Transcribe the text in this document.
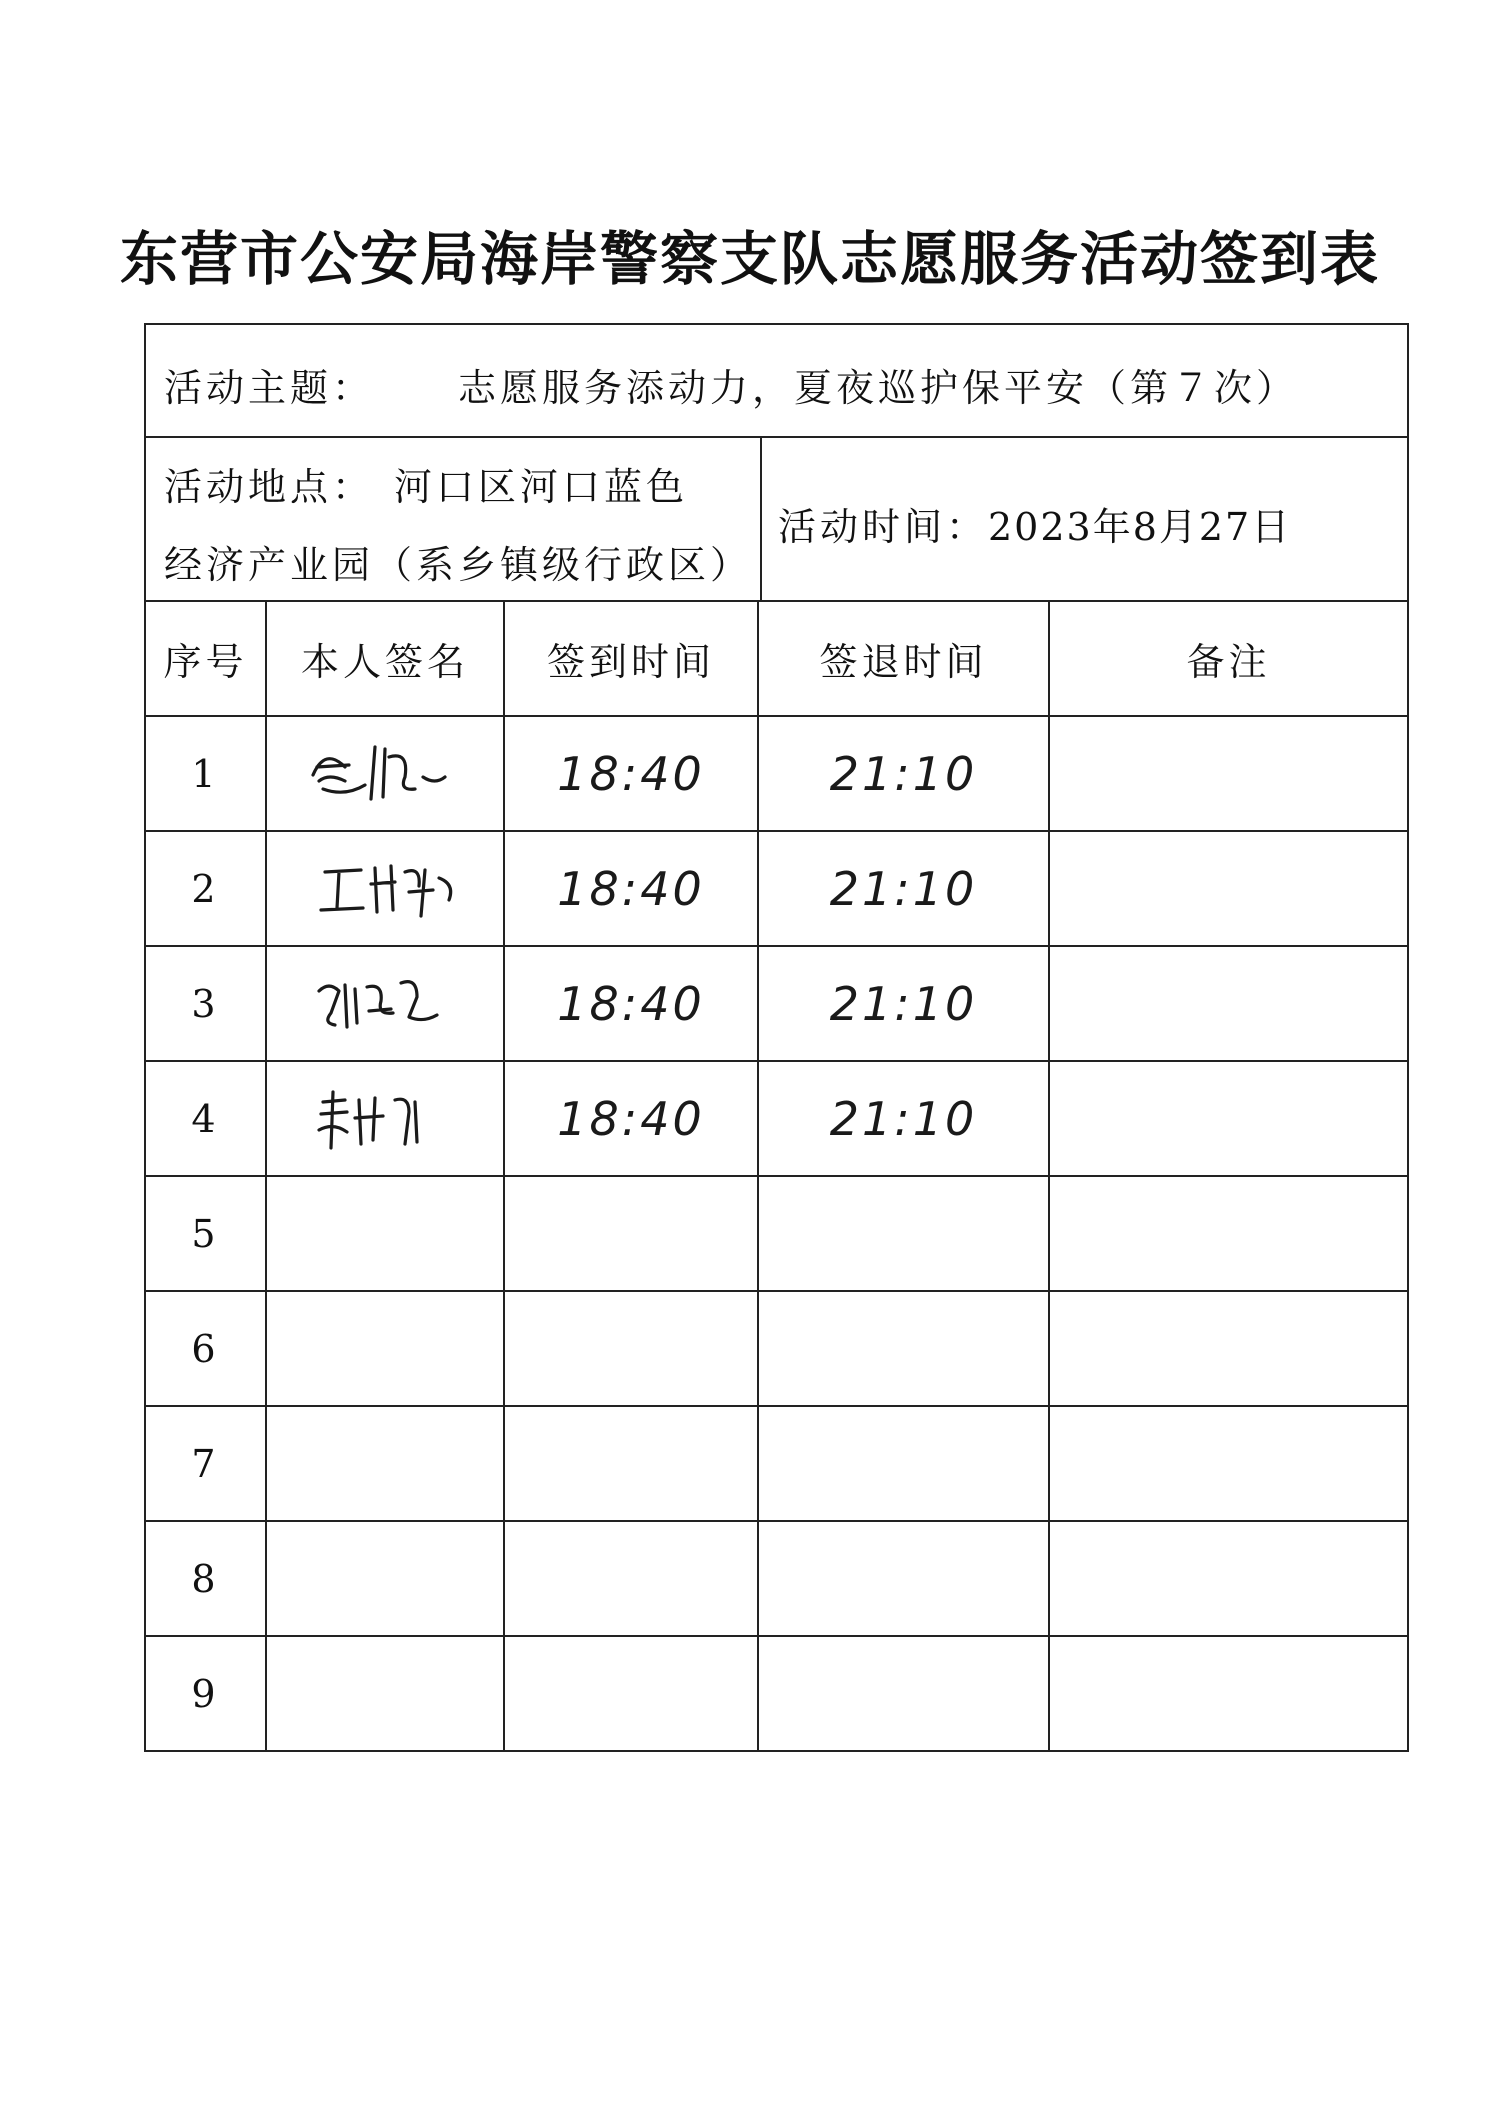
东营市公安局海岸警察支队志愿服务活动签到表
活动主题： 志愿服务添动力，夏夜巡护保平安（第７次）
活动地点： 河口区河口蓝色
经济产业园（系乡镇级行政区）
活动时间： 2023年8月27日
序号	本人签名	签到时间	签退时间	备注
1		18:40	21:10	
2		18:40	21:10	
3		18:40	21:10	
4		18:40	21:10	
5				
6				
7				
8				
9				
